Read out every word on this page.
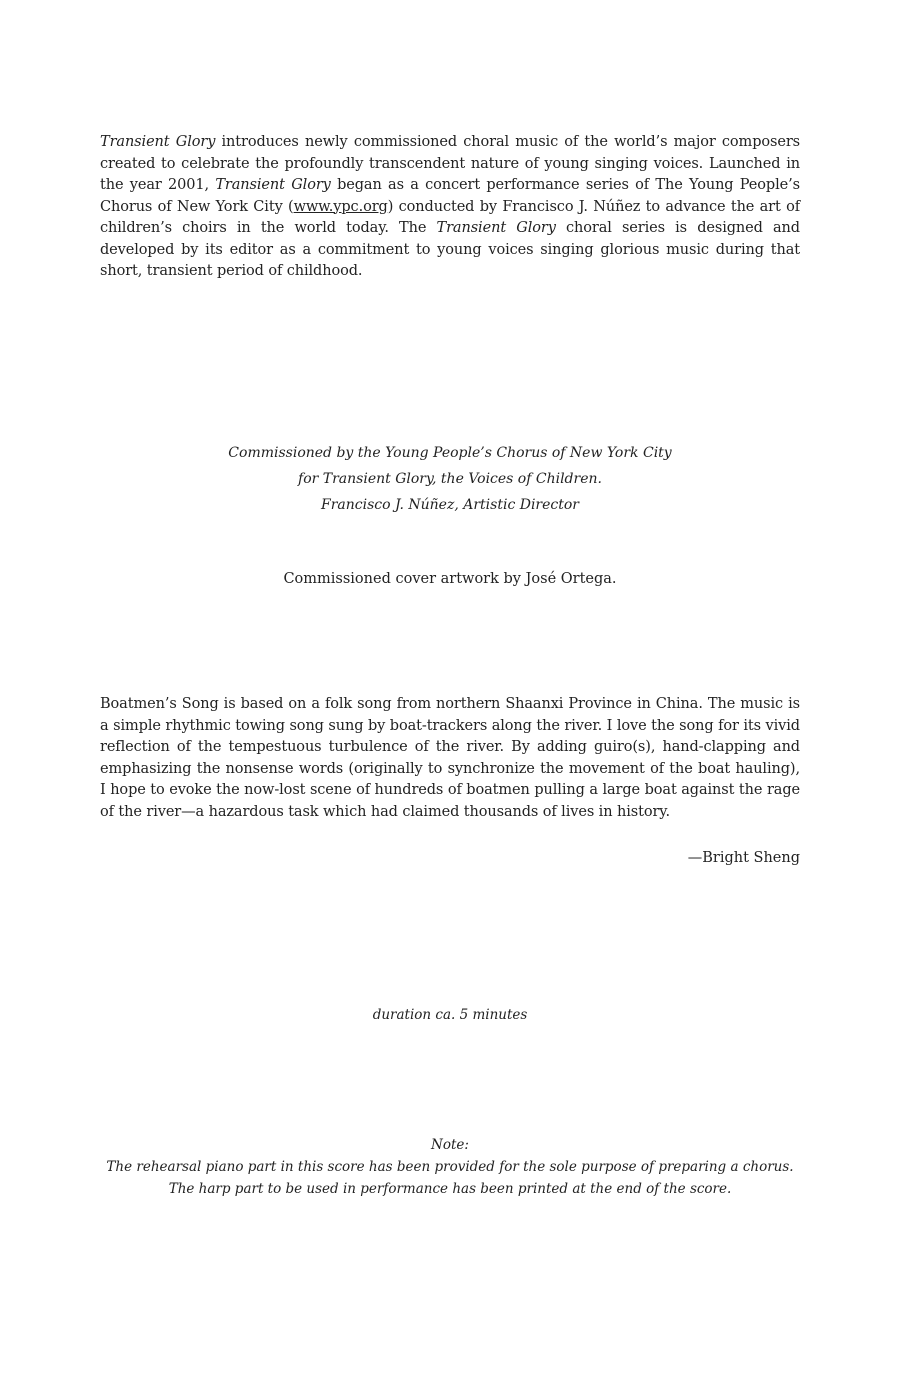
Transient Glory introduces newly commissioned choral music of the world’s major composers created to celebrate the profoundly transcendent nature of young singing voices. Launched in the year 2001, Transient Glory began as a concert performance series of The Young People’s Chorus of New York City (www.ypc.org) conducted by Francisco J. Núñez to advance the art of children’s choirs in the world today. The Transient Glory choral series is designed and developed by its editor as a commitment to young voices singing glorious music during that short, transient period of childhood.

Commissioned by the Young People’s Chorus of New York City
for Transient Glory, the Voices of Children.
Francisco J. Núñez, Artistic Director
Commissioned cover artwork by José Ortega.

Boatmen’s Song is based on a folk song from northern Shaanxi Province in China. The music is a simple rhythmic towing song sung by boat-trackers along the river. I love the song for its vivid reflection of the tempestuous turbulence of the river. By adding guiro(s), hand-clapping and emphasizing the nonsense words (originally to synchronize the movement of the boat hauling), I hope to evoke the now-lost scene of hundreds of boatmen pulling a large boat against the rage of the river—a hazardous task which had claimed thousands of lives in history.

—Bright Sheng
duration ca. 5 minutes
Note:
The rehearsal piano part in this score has been provided for the sole purpose of preparing a chorus.
The harp part to be used in performance has been printed at the end of the score.
